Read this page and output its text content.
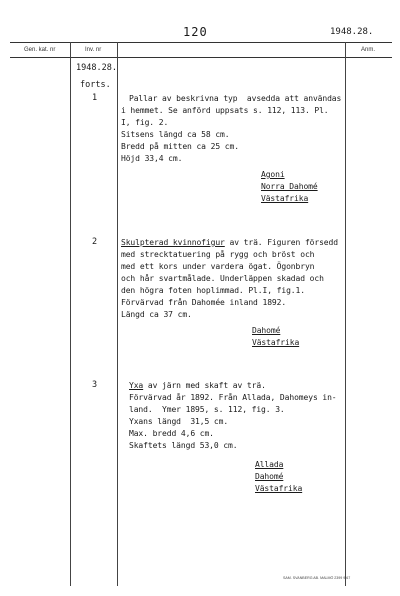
120	1948.28.
Gen. kat. nr	Inv. nr	Anm.
1948.28.
forts.
1	Pallar av beskrivna typ  avsedda att användas
i hemmet. Se anförd uppsats s. 112, 113. Pl.
I, fig. 2.
Sitsens längd ca 58 cm.
Bredd på mitten ca 25 cm.
Höjd 33,4 cm.
Agoni
Norra Dahomé
Västafrika
2	Skulpterad kvinnofigur av trä. Figuren försedd
med strecktatuering på rygg och bröst och
med ett kors under vardera ögat. Ögonbryn
och hår svartmålade. Underläppen skadad och
den högra foten hoplimmad. Pl.I, fig.1.
Förvärvad från Dahomée inland 1892.
Längd ca 37 cm.
Dahomé
Västafrika
3	Yxa av järn med skaft av trä.
Förvärvad år 1892. Från Allada, Dahomeys in-
land.  Ymer 1895, s. 112, fig. 3.
Yxans längd  31,5 cm.
Max. bredd 4,6 cm.
Skaftets längd 53,0 cm.
Allada
Dahomé
Västafrika
SAM. SVANBERG AB. MALMÖ 2399 9 67
